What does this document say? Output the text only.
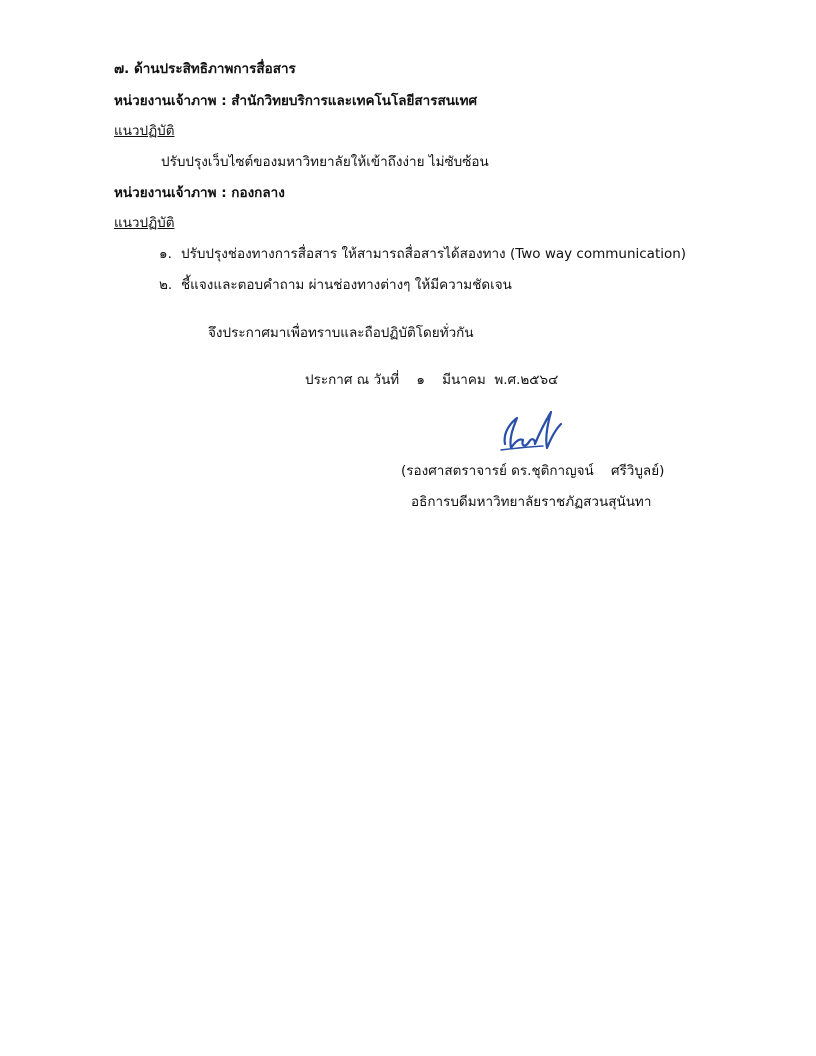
๗. ด้านประสิทธิภาพการสื่อสาร
หน่วยงานเจ้าภาพ : สำนักวิทยบริการและเทคโนโลยีสารสนเทศ
แนวปฏิบัติ
ปรับปรุงเว็บไซต์ของมหาวิทยาลัยให้เข้าถึงง่าย ไม่ซับซ้อน
หน่วยงานเจ้าภาพ : กองกลาง
แนวปฏิบัติ
๑. ปรับปรุงช่องทางการสื่อสาร ให้สามารถสื่อสารได้สองทาง (Two way communication)
๒. ชี้แจงและตอบคำถาม ผ่านช่องทางต่างๆ ให้มีความชัดเจน
จึงประกาศมาเพื่อทราบและถือปฏิบัติโดยทั่วกัน
ประกาศ ณ วันที่    ๑    มีนาคม  พ.ศ.๒๕๖๔
(รองศาสตราจารย์ ดร.ชุติกาญจน์    ศรีวิบูลย์)
อธิการบดีมหาวิทยาลัยราชภัฏสวนสุนันทา
